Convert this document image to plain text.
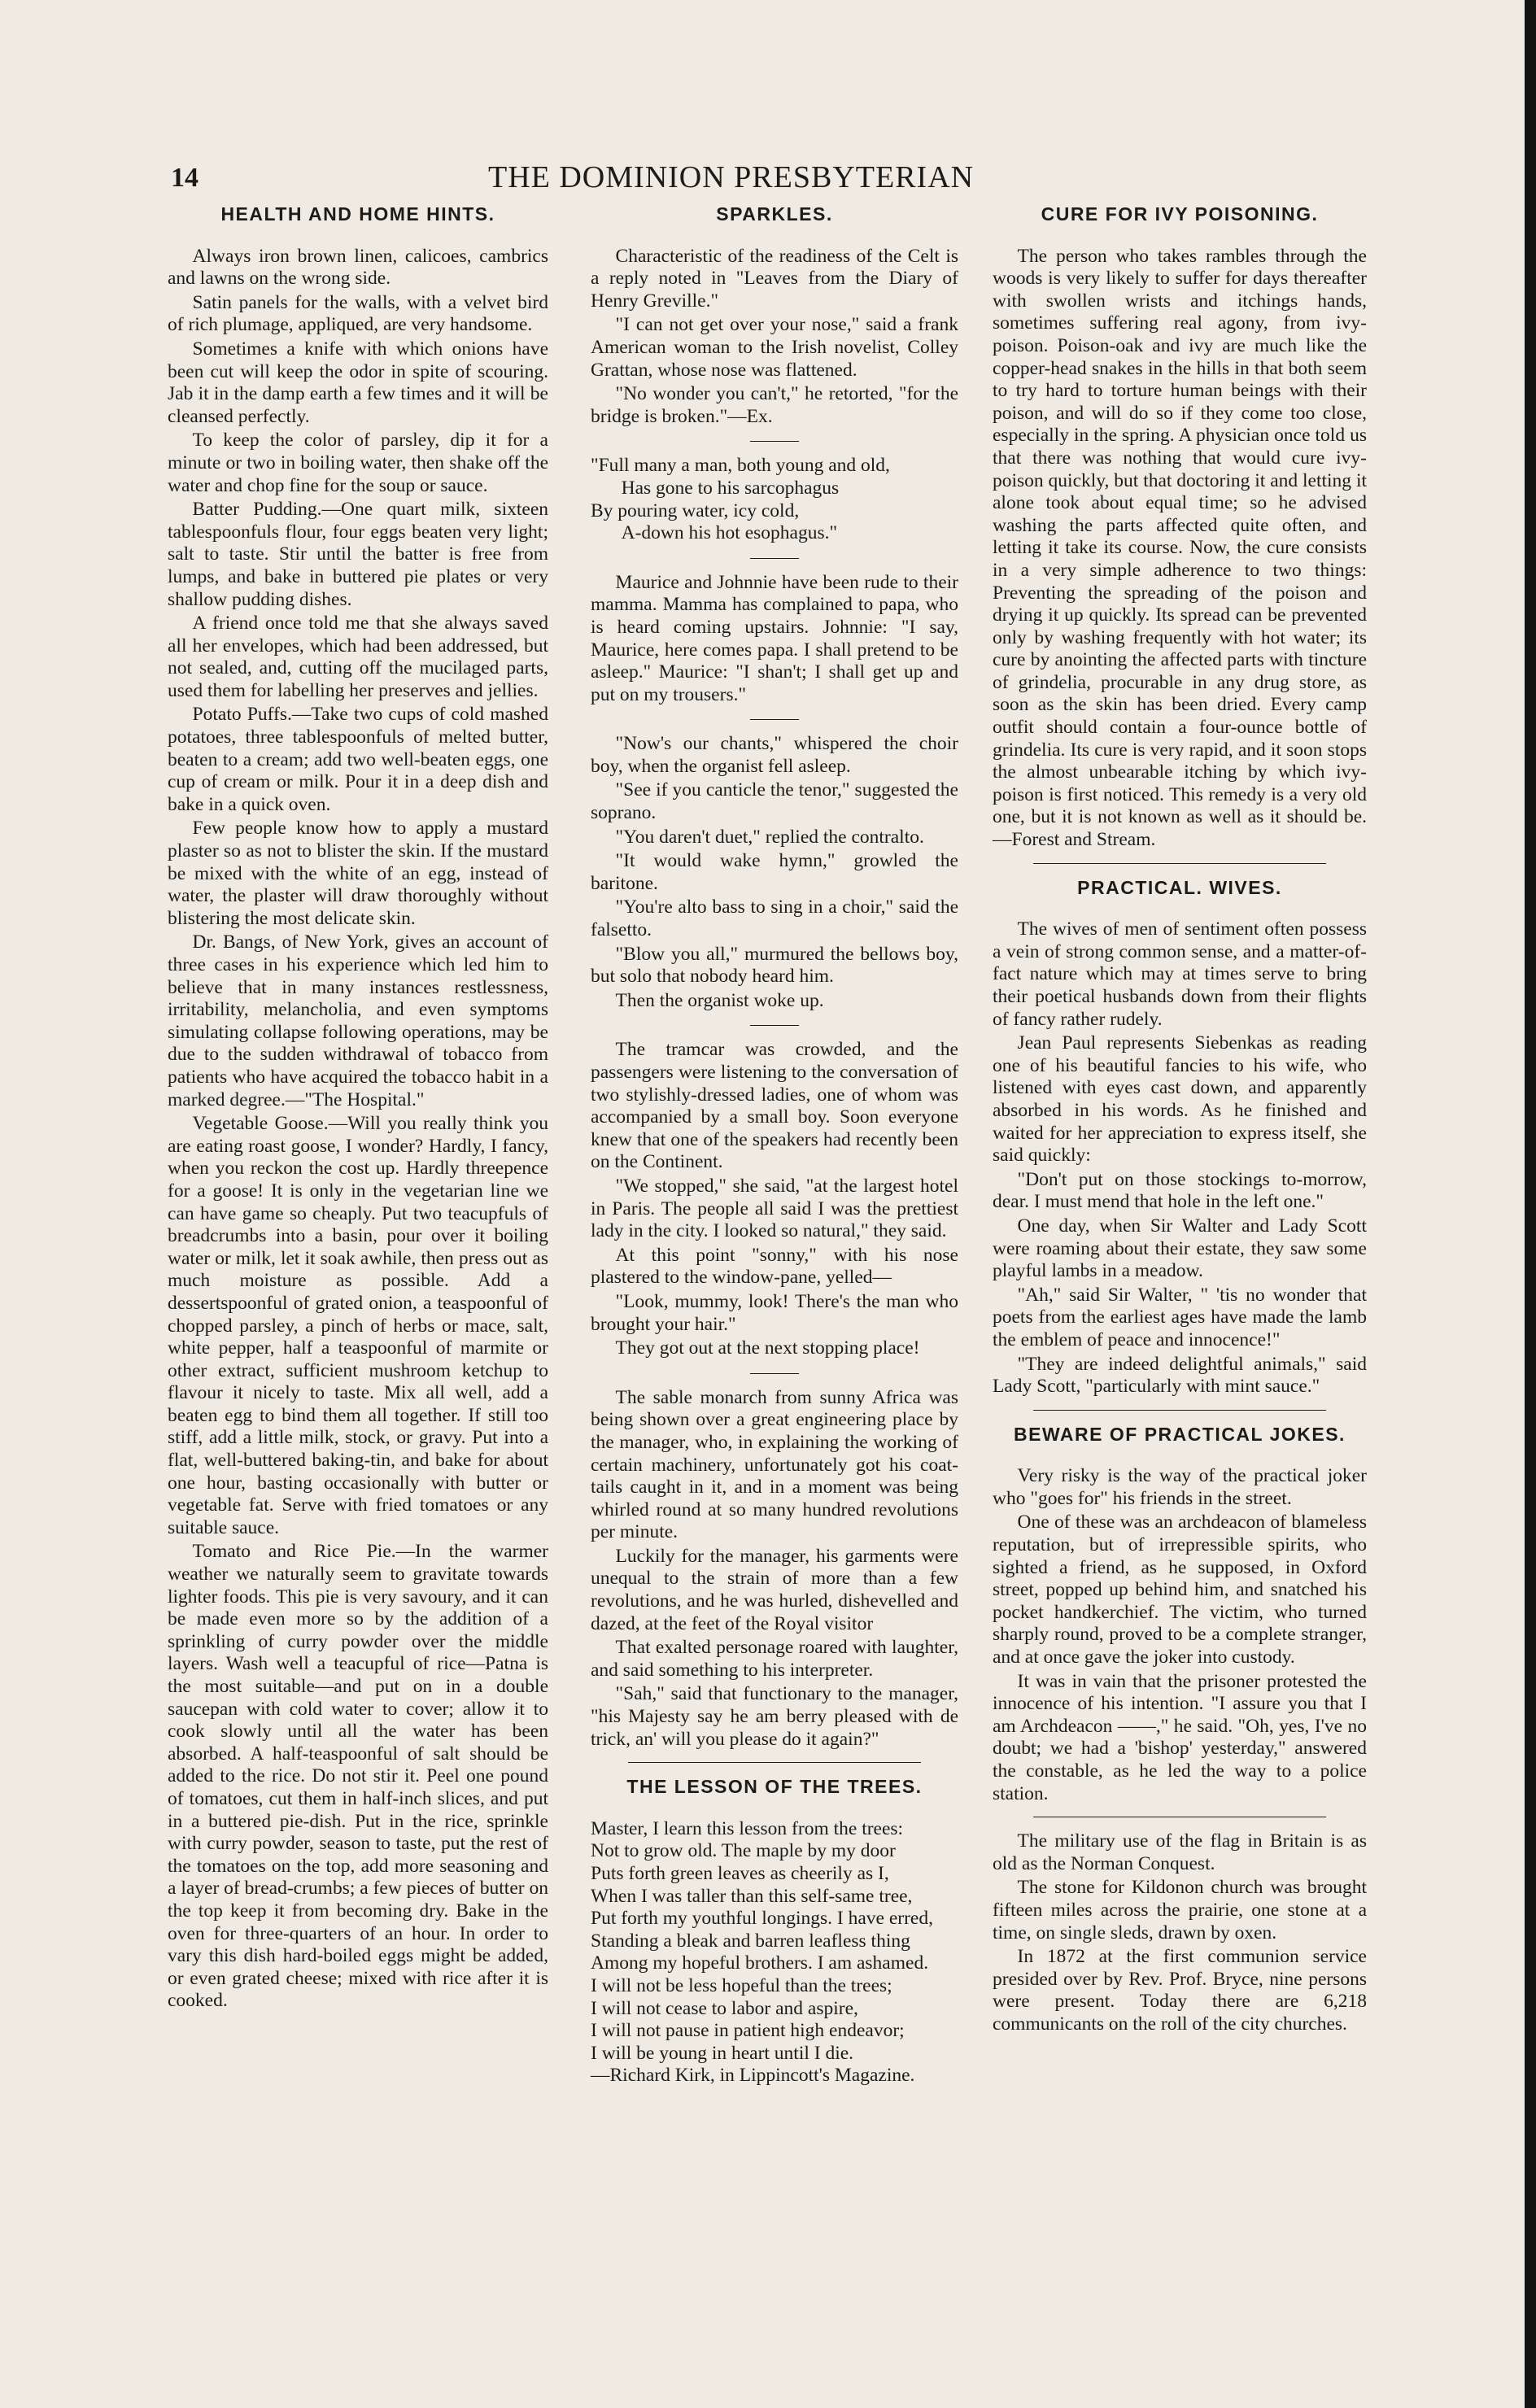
14	THE DOMINION PRESBYTERIAN
HEALTH AND HOME HINTS.

Always iron brown linen, calicoes, cambrics and lawns on the wrong side.

Satin panels for the walls, with a velvet bird of rich plumage, appliqued, are very handsome.

Sometimes a knife with which onions have been cut will keep the odor in spite of scouring. Jab it in the damp earth a few times and it will be cleansed perfectly.

To keep the color of parsley, dip it for a minute or two in boiling water, then shake off the water and chop fine for the soup or sauce.

Batter Pudding.—One quart milk, sixteen tablespoonfuls flour, four eggs beaten very light; salt to taste. Stir until the batter is free from lumps, and bake in buttered pie plates or very shallow pudding dishes.

A friend once told me that she always saved all her envelopes, which had been addressed, but not sealed, and, cutting off the mucilaged parts, used them for labelling her preserves and jellies.

Potato Puffs.—Take two cups of cold mashed potatoes, three tablespoonfuls of melted butter, beaten to a cream; add two well-beaten eggs, one cup of cream or milk. Pour it in a deep dish and bake in a quick oven.

Few people know how to apply a mustard plaster so as not to blister the skin. If the mustard be mixed with the white of an egg, instead of water, the plaster will draw thoroughly without blistering the most delicate skin.

Dr. Bangs, of New York, gives an account of three cases in his experience which led him to believe that in many instances restlessness, irritability, melancholia, and even symptoms simulating collapse following operations, may be due to the sudden withdrawal of tobacco from patients who have acquired the tobacco habit in a marked degree.—"The Hospital."

Vegetable Goose.—Will you really think you are eating roast goose, I wonder? Hardly, I fancy, when you reckon the cost up. Hardly threepence for a goose! It is only in the vegetarian line we can have game so cheaply. Put two teacupfuls of breadcrumbs into a basin, pour over it boiling water or milk, let it soak awhile, then press out as much moisture as possible. Add a dessertspoonful of grated onion, a teaspoonful of chopped parsley, a pinch of herbs or mace, salt, white pepper, half a teaspoonful of marmite or other extract, sufficient mushroom ketchup to flavour it nicely to taste. Mix all well, add a beaten egg to bind them all together. If still too stiff, add a little milk, stock, or gravy. Put into a flat, well-buttered baking-tin, and bake for about one hour, basting occasionally with butter or vegetable fat. Serve with fried tomatoes or any suitable sauce.

Tomato and Rice Pie.—In the warmer weather we naturally seem to gravitate towards lighter foods. This pie is very savoury, and it can be made even more so by the addition of a sprinkling of curry powder over the middle layers. Wash well a teacupful of rice—Patna is the most suitable—and put on in a double saucepan with cold water to cover; allow it to cook slowly until all the water has been absorbed. A half-teaspoonful of salt should be added to the rice. Do not stir it. Peel one pound of tomatoes, cut them in half-inch slices, and put in a buttered pie-dish. Put in the rice, sprinkle with curry powder, season to taste, put the rest of the tomatoes on the top, add more seasoning and a layer of bread-crumbs; a few pieces of butter on the top keep it from becoming dry. Bake in the oven for three-quarters of an hour. In order to vary this dish hard-boiled eggs might be added, or even grated cheese; mixed with rice after it is cooked.

SPARKLES.

Characteristic of the readiness of the Celt is a reply noted in "Leaves from the Diary of Henry Greville."

"I can not get over your nose," said a frank American woman to the Irish novelist, Colley Grattan, whose nose was flattened.

"No wonder you can't," he retorted, "for the bridge is broken."—Ex.

"Full many a man, both young and old,
Has gone to his sarcophagus
By pouring water, icy cold,
A-down his hot esophagus."

Maurice and Johnnie have been rude to their mamma. Mamma has complained to papa, who is heard coming upstairs. Johnnie: "I say, Maurice, here comes papa. I shall pretend to be asleep." Maurice: "I shan't; I shall get up and put on my trousers."

"Now's our chants," whispered the choir boy, when the organist fell asleep.

"See if you canticle the tenor," suggested the soprano.

"You daren't duet," replied the contralto.

"It would wake hymn," growled the baritone.

"You're alto bass to sing in a choir," said the falsetto.

"Blow you all," murmured the bellows boy, but solo that nobody heard him.

Then the organist woke up.

The tramcar was crowded, and the passengers were listening to the conversation of two stylishly-dressed ladies, one of whom was accompanied by a small boy. Soon everyone knew that one of the speakers had recently been on the Continent.

"We stopped," she said, "at the largest hotel in Paris. The people all said I was the prettiest lady in the city. I looked so natural," they said.

At this point "sonny," with his nose plastered to the window-pane, yelled—

"Look, mummy, look! There's the man who brought your hair."

They got out at the next stopping place!

The sable monarch from sunny Africa was being shown over a great engineering place by the manager, who, in explaining the working of certain machinery, unfortunately got his coat-tails caught in it, and in a moment was being whirled round at so many hundred revolutions per minute.

Luckily for the manager, his garments were unequal to the strain of more than a few revolutions, and he was hurled, dishevelled and dazed, at the feet of the Royal visitor

That exalted personage roared with laughter, and said something to his interpreter.

"Sah," said that functionary to the manager, "his Majesty say he am berry pleased with de trick, an' will you please do it again?"

THE LESSON OF THE TREES.
Master, I learn this lesson from the trees:
Not to grow old. The maple by my door
Puts forth green leaves as cheerily as I,
When I was taller than this self-same tree,
Put forth my youthful longings. I have erred,
Standing a bleak and barren leafless thing
Among my hopeful brothers. I am ashamed.
I will not be less hopeful than the trees;
I will not cease to labor and aspire,
I will not pause in patient high endeavor;
I will be young in heart until I die.
—Richard Kirk, in Lippincott's Magazine.
CURE FOR IVY POISONING.

The person who takes rambles through the woods is very likely to suffer for days thereafter with swollen wrists and itchings hands, sometimes suffering real agony, from ivy-poison. Poison-oak and ivy are much like the copper-head snakes in the hills in that both seem to try hard to torture human beings with their poison, and will do so if they come too close, especially in the spring. A physician once told us that there was nothing that would cure ivy-poison quickly, but that doctoring it and letting it alone took about equal time; so he advised washing the parts affected quite often, and letting it take its course. Now, the cure consists in a very simple adherence to two things: Preventing the spreading of the poison and drying it up quickly. Its spread can be prevented only by washing frequently with hot water; its cure by anointing the affected parts with tincture of grindelia, procurable in any drug store, as soon as the skin has been dried. Every camp outfit should contain a four-ounce bottle of grindelia. Its cure is very rapid, and it soon stops the almost unbearable itching by which ivy-poison is first noticed. This remedy is a very old one, but it is not known as well as it should be.—Forest and Stream.

PRACTICAL. WIVES.

The wives of men of sentiment often possess a vein of strong common sense, and a matter-of-fact nature which may at times serve to bring their poetical husbands down from their flights of fancy rather rudely.

Jean Paul represents Siebenkas as reading one of his beautiful fancies to his wife, who listened with eyes cast down, and apparently absorbed in his words. As he finished and waited for her appreciation to express itself, she said quickly:

"Don't put on those stockings to-morrow, dear. I must mend that hole in the left one."

One day, when Sir Walter and Lady Scott were roaming about their estate, they saw some playful lambs in a meadow.

"Ah," said Sir Walter, " 'tis no wonder that poets from the earliest ages have made the lamb the emblem of peace and innocence!"

"They are indeed delightful animals," said Lady Scott, "particularly with mint sauce."

BEWARE OF PRACTICAL JOKES.

Very risky is the way of the practical joker who "goes for" his friends in the street.

One of these was an archdeacon of blameless reputation, but of irrepressible spirits, who sighted a friend, as he supposed, in Oxford street, popped up behind him, and snatched his pocket handkerchief. The victim, who turned sharply round, proved to be a complete stranger, and at once gave the joker into custody.

It was in vain that the prisoner protested the innocence of his intention. "I assure you that I am Archdeacon ——," he said. "Oh, yes, I've no doubt; we had a 'bishop' yesterday," answered the constable, as he led the way to a police station.

The military use of the flag in Britain is as old as the Norman Conquest.

The stone for Kildonon church was brought fifteen miles across the prairie, one stone at a time, on single sleds, drawn by oxen.

In 1872 at the first communion service presided over by Rev. Prof. Bryce, nine persons were present. Today there are 6,218 communicants on the roll of the city churches.
